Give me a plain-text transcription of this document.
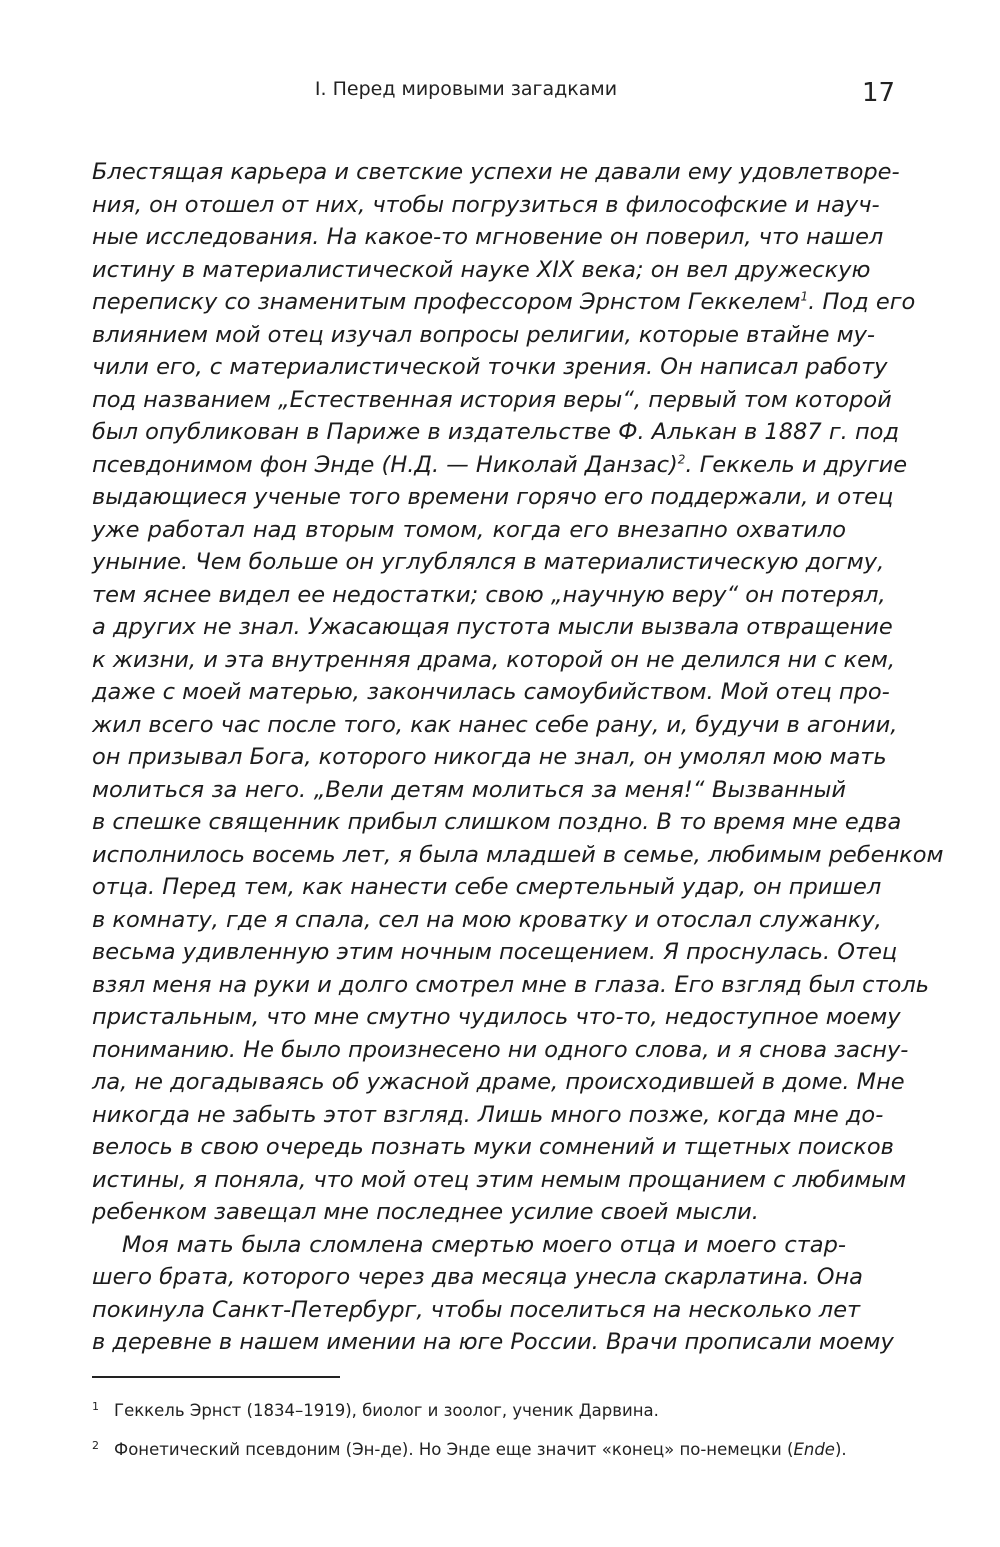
I. Перед мировыми загадками	17
Блестящая карьера и светские успехи не давали ему удовлетворе-
ния, он отошел от них, чтобы погрузиться в философские и науч-
ные исследования. На какое-то мгновение он поверил, что нашел
истину в материалистической науке XIX века; он вел дружескую
переписку со знаменитым профессором Эрнстом Геккелем$^1$. Под его
влиянием мой отец изучал вопросы религии, которые втайне му-
чили его, с материалистической точки зрения. Он написал работу
под названием „Естественная история веры“, первый том которой
был опубликован в Париже в издательстве Ф. Алькан в 1887 г. под
псевдонимом фон Энде (Н.Д. — Николай Данзас)$^2$. Геккель и другие
выдающиеся ученые того времени горячо его поддержали, и отец
уже работал над вторым томом, когда его внезапно охватило
уныние. Чем больше он углублялся в материалистическую догму,
тем яснее видел ее недостатки; свою „научную веру“ он потерял,
а других не знал. Ужасающая пустота мысли вызвала отвращение
к жизни, и эта внутренняя драма, которой он не делился ни с кем,
даже с моей матерью, закончилась самоубийством. Мой отец про-
жил всего час после того, как нанес себе рану, и, будучи в агонии,
он призывал Бога, которого никогда не знал, он умолял мою мать
молиться за него. „Вели детям молиться за меня!“ Вызванный
в спешке священник прибыл слишком поздно. В то время мне едва
исполнилось восемь лет, я была младшей в семье, любимым ребенком
отца. Перед тем, как нанести себе смертельный удар, он пришел
в комнату, где я спала, сел на мою кроватку и отослал служанку,
весьма удивленную этим ночным посещением. Я проснулась. Отец
взял меня на руки и долго смотрел мне в глаза. Его взгляд был столь
пристальным, что мне смутно чудилось что-то, недоступное моему
пониманию. Не было произнесено ни одного слова, и я снова засну-
ла, не догадываясь об ужасной драме, происходившей в доме. Мне
никогда не забыть этот взгляд. Лишь много позже, когда мне до-
велось в свою очередь познать муки сомнений и тщетных поисков
истины, я поняла, что мой отец этим немым прощанием с любимым
ребенком завещал мне последнее усилие своей мысли.
Моя мать была сломлена смертью моего отца и моего стар-
шего брата, которого через два месяца унесла скарлатина. Она
покинула Санкт-Петербург, чтобы поселиться на несколько лет
в деревне в нашем имении на юге России. Врачи прописали моему
1 Геккель Эрнст (1834–1919), биолог и зоолог, ученик Дарвина.
2 Фонетический псевдоним (Эн-де). Но Энде еще значит «конец» по-немецки (Ende).
